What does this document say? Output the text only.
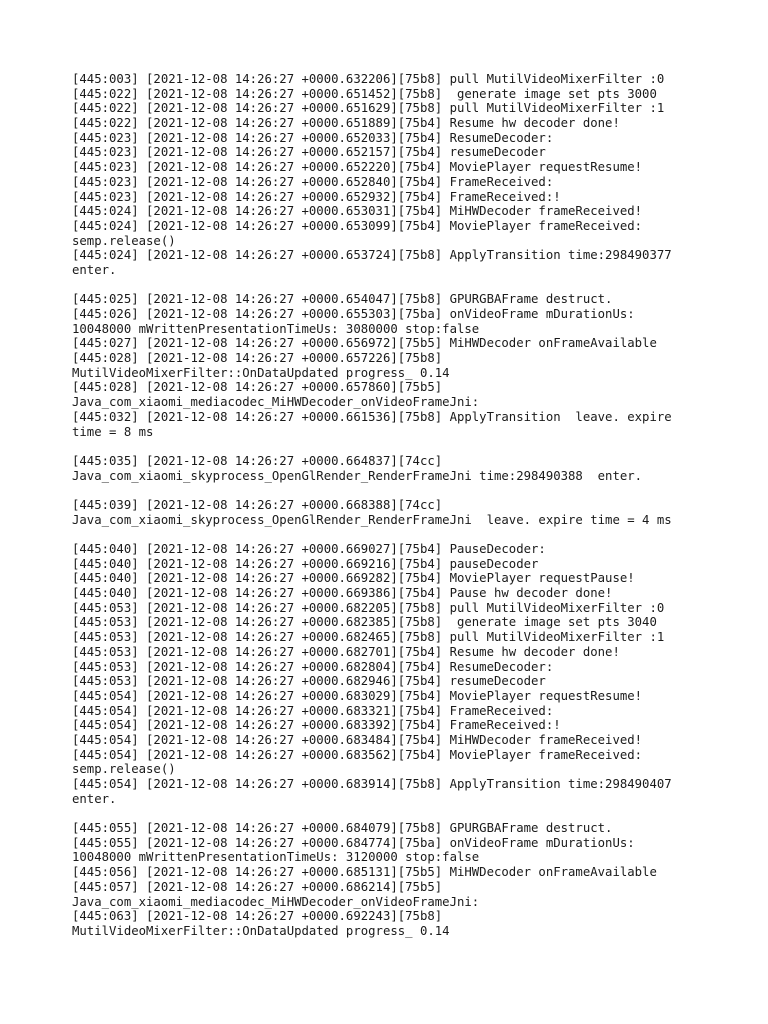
[445:003] [2021-12-08 14:26:27 +0000.632206][75b8] pull MutilVideoMixerFilter :0
[445:022] [2021-12-08 14:26:27 +0000.651452][75b8]  generate image set pts 3000
[445:022] [2021-12-08 14:26:27 +0000.651629][75b8] pull MutilVideoMixerFilter :1
[445:022] [2021-12-08 14:26:27 +0000.651889][75b4] Resume hw decoder done!
[445:023] [2021-12-08 14:26:27 +0000.652033][75b4] ResumeDecoder:
[445:023] [2021-12-08 14:26:27 +0000.652157][75b4] resumeDecoder
[445:023] [2021-12-08 14:26:27 +0000.652220][75b4] MoviePlayer requestResume!
[445:023] [2021-12-08 14:26:27 +0000.652840][75b4] FrameReceived:
[445:023] [2021-12-08 14:26:27 +0000.652932][75b4] FrameReceived:!
[445:024] [2021-12-08 14:26:27 +0000.653031][75b4] MiHWDecoder frameReceived!
[445:024] [2021-12-08 14:26:27 +0000.653099][75b4] MoviePlayer frameReceived:
semp.release()
[445:024] [2021-12-08 14:26:27 +0000.653724][75b8] ApplyTransition time:298490377
enter.
[445:025] [2021-12-08 14:26:27 +0000.654047][75b8] GPURGBAFrame destruct.
[445:026] [2021-12-08 14:26:27 +0000.655303][75ba] onVideoFrame mDurationUs:
10048000 mWrittenPresentationTimeUs: 3080000 stop:false
[445:027] [2021-12-08 14:26:27 +0000.656972][75b5] MiHWDecoder onFrameAvailable
[445:028] [2021-12-08 14:26:27 +0000.657226][75b8]
MutilVideoMixerFilter::OnDataUpdated progress_ 0.14
[445:028] [2021-12-08 14:26:27 +0000.657860][75b5]
Java_com_xiaomi_mediacodec_MiHWDecoder_onVideoFrameJni:
[445:032] [2021-12-08 14:26:27 +0000.661536][75b8] ApplyTransition  leave. expire
time = 8 ms
[445:035] [2021-12-08 14:26:27 +0000.664837][74cc]
Java_com_xiaomi_skyprocess_OpenGlRender_RenderFrameJni time:298490388  enter.
[445:039] [2021-12-08 14:26:27 +0000.668388][74cc]
Java_com_xiaomi_skyprocess_OpenGlRender_RenderFrameJni  leave. expire time = 4 ms
[445:040] [2021-12-08 14:26:27 +0000.669027][75b4] PauseDecoder:
[445:040] [2021-12-08 14:26:27 +0000.669216][75b4] pauseDecoder
[445:040] [2021-12-08 14:26:27 +0000.669282][75b4] MoviePlayer requestPause!
[445:040] [2021-12-08 14:26:27 +0000.669386][75b4] Pause hw decoder done!
[445:053] [2021-12-08 14:26:27 +0000.682205][75b8] pull MutilVideoMixerFilter :0
[445:053] [2021-12-08 14:26:27 +0000.682385][75b8]  generate image set pts 3040
[445:053] [2021-12-08 14:26:27 +0000.682465][75b8] pull MutilVideoMixerFilter :1
[445:053] [2021-12-08 14:26:27 +0000.682701][75b4] Resume hw decoder done!
[445:053] [2021-12-08 14:26:27 +0000.682804][75b4] ResumeDecoder:
[445:053] [2021-12-08 14:26:27 +0000.682946][75b4] resumeDecoder
[445:054] [2021-12-08 14:26:27 +0000.683029][75b4] MoviePlayer requestResume!
[445:054] [2021-12-08 14:26:27 +0000.683321][75b4] FrameReceived:
[445:054] [2021-12-08 14:26:27 +0000.683392][75b4] FrameReceived:!
[445:054] [2021-12-08 14:26:27 +0000.683484][75b4] MiHWDecoder frameReceived!
[445:054] [2021-12-08 14:26:27 +0000.683562][75b4] MoviePlayer frameReceived:
semp.release()
[445:054] [2021-12-08 14:26:27 +0000.683914][75b8] ApplyTransition time:298490407
enter.
[445:055] [2021-12-08 14:26:27 +0000.684079][75b8] GPURGBAFrame destruct.
[445:055] [2021-12-08 14:26:27 +0000.684774][75ba] onVideoFrame mDurationUs:
10048000 mWrittenPresentationTimeUs: 3120000 stop:false
[445:056] [2021-12-08 14:26:27 +0000.685131][75b5] MiHWDecoder onFrameAvailable
[445:057] [2021-12-08 14:26:27 +0000.686214][75b5]
Java_com_xiaomi_mediacodec_MiHWDecoder_onVideoFrameJni:
[445:063] [2021-12-08 14:26:27 +0000.692243][75b8]
MutilVideoMixerFilter::OnDataUpdated progress_ 0.14
